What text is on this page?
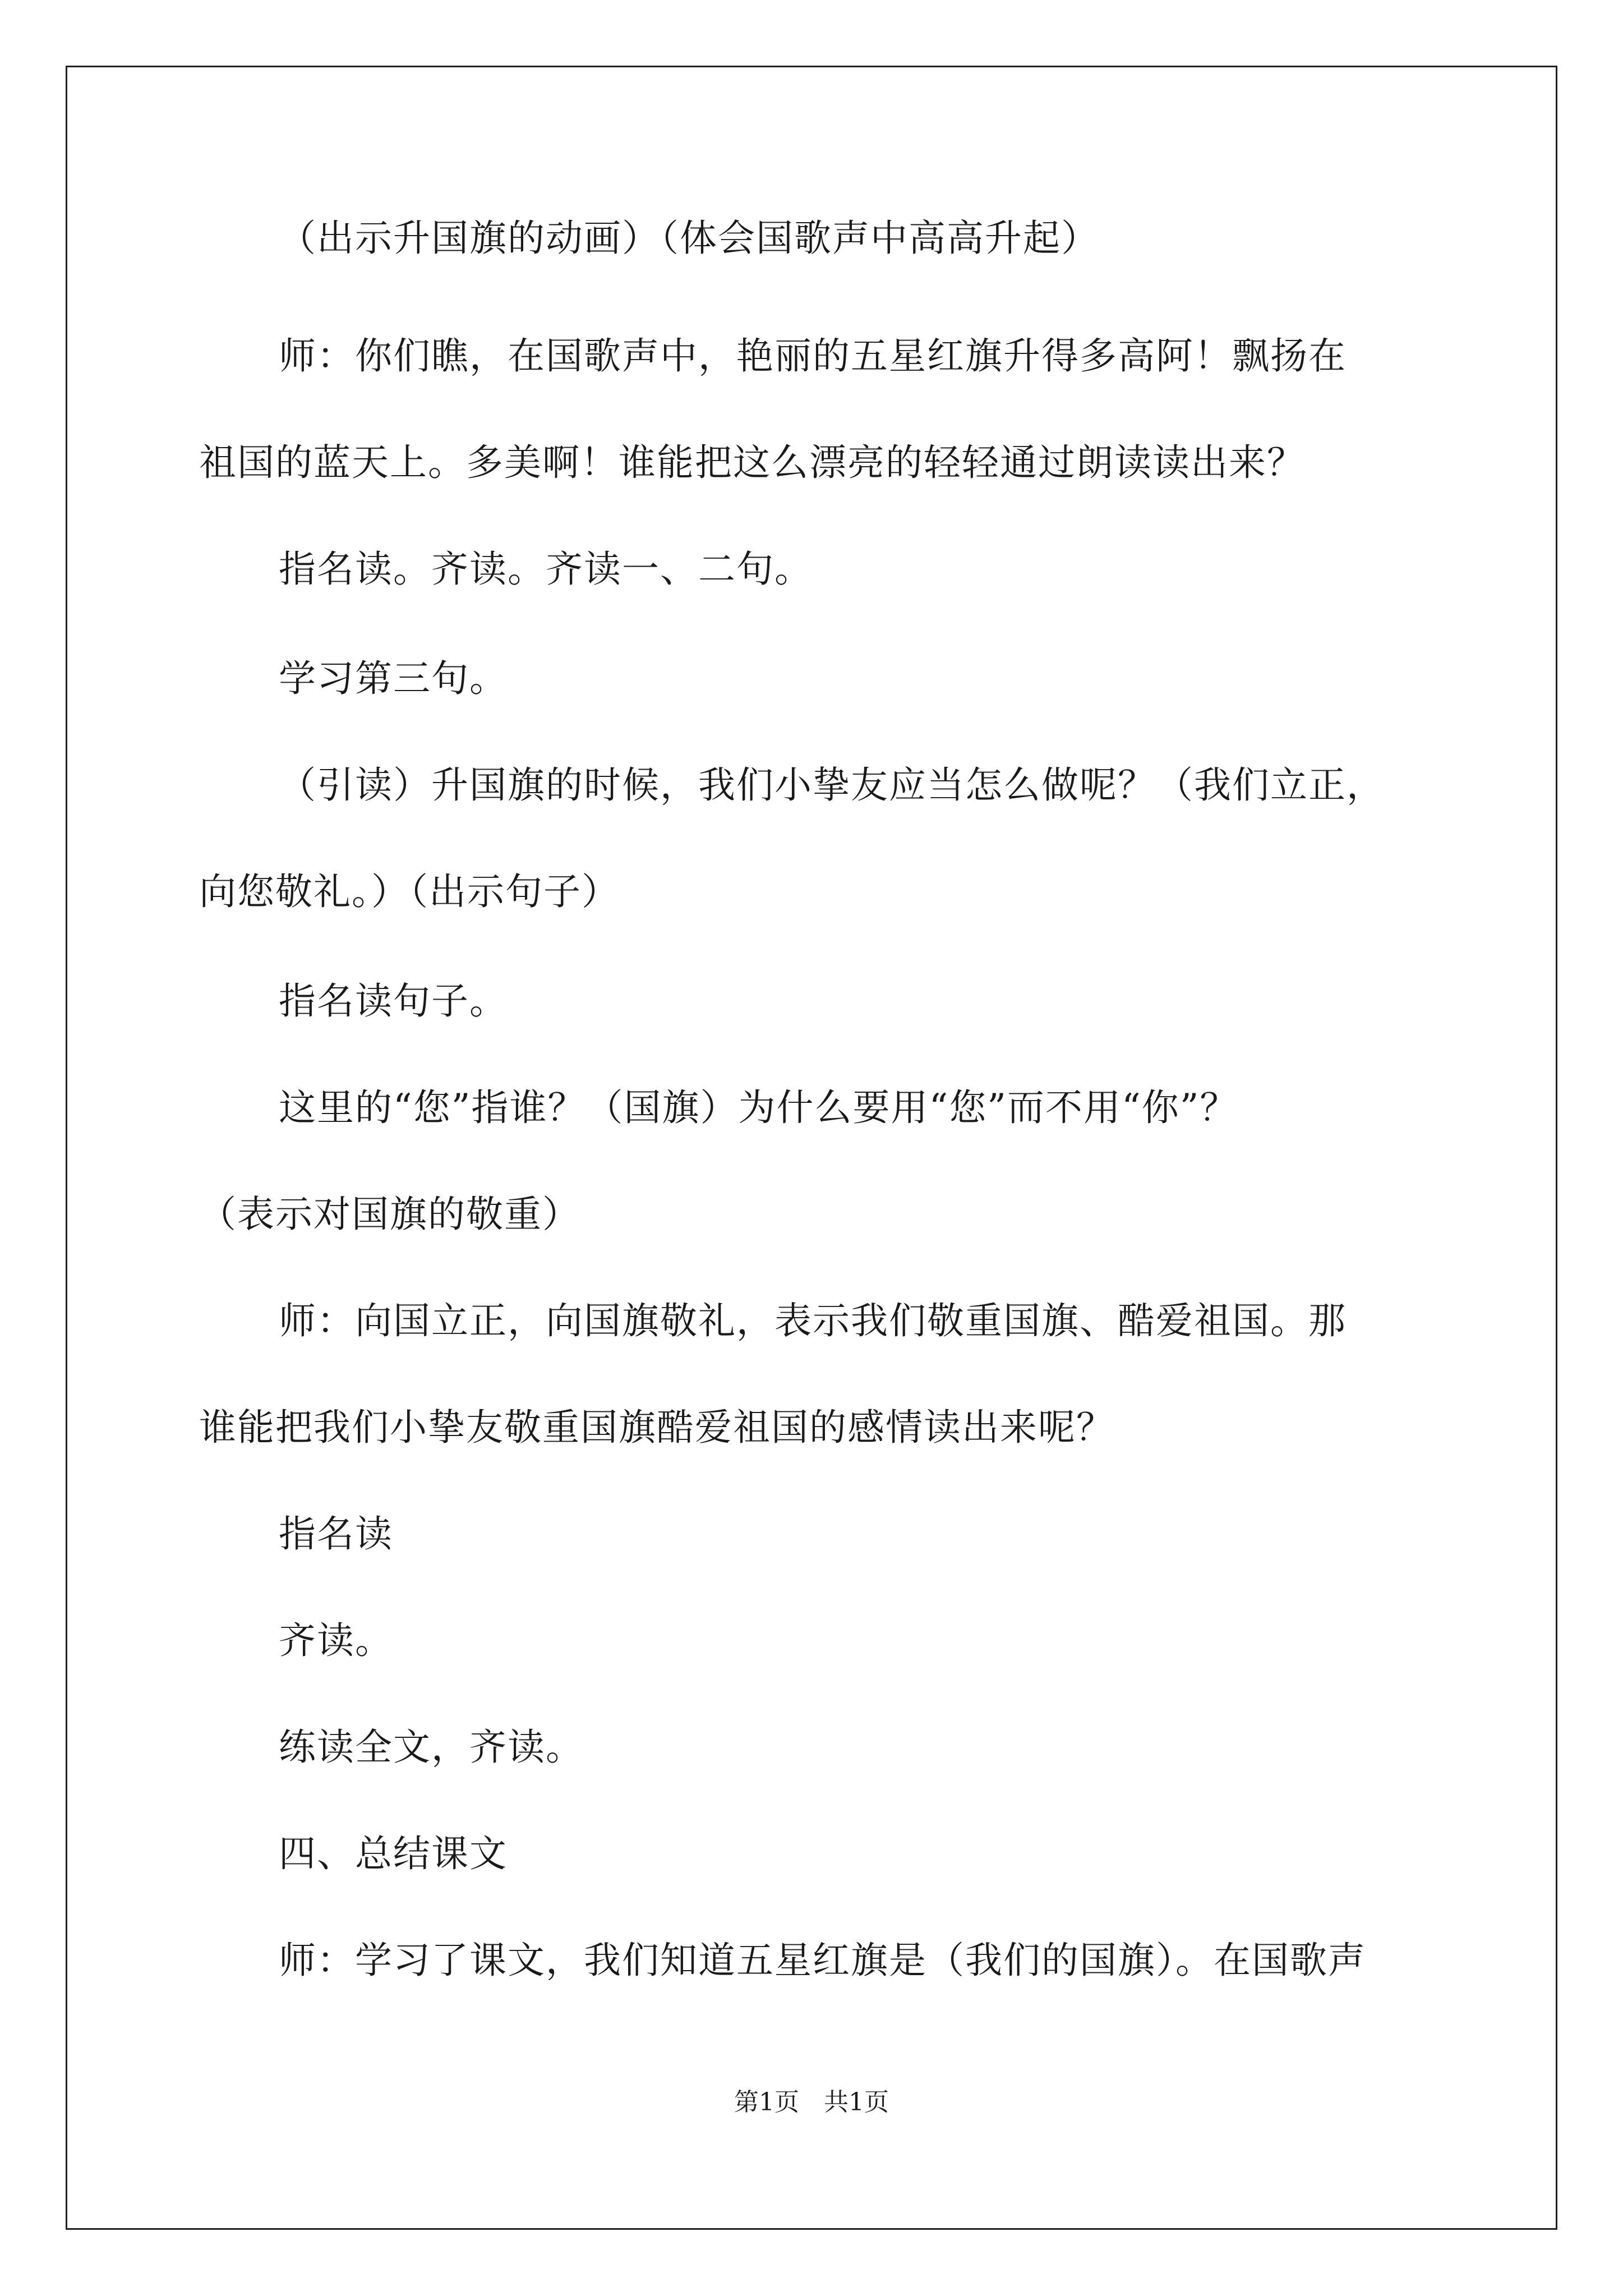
（出示升国旗的动画）（体会国歌声中高高升起）
师：你们瞧，在国歌声中，艳丽的五星红旗升得多高阿！飘扬在
祖国的蓝天上。多美啊！谁能把这么漂亮的轻轻通过朗读读出来？
指名读。齐读。齐读一、二句。
学习第三句。
（引读）升国旗的时候，我们小挚友应当怎么做呢？（我们立正，
向您敬礼。）（出示句子）
指名读句子。
这里的“您”指谁？（国旗）为什么要用“您”而不用“你”？
（表示对国旗的敬重）
师：向国立正，向国旗敬礼，表示我们敬重国旗、酷爱祖国。那
谁能把我们小挚友敬重国旗酷爱祖国的感情读出来呢？
指名读
齐读。
练读全文，齐读。
四、总结课文
师：学习了课文，我们知道五星红旗是（我们的国旗）。在国歌声
第1页　共1页
